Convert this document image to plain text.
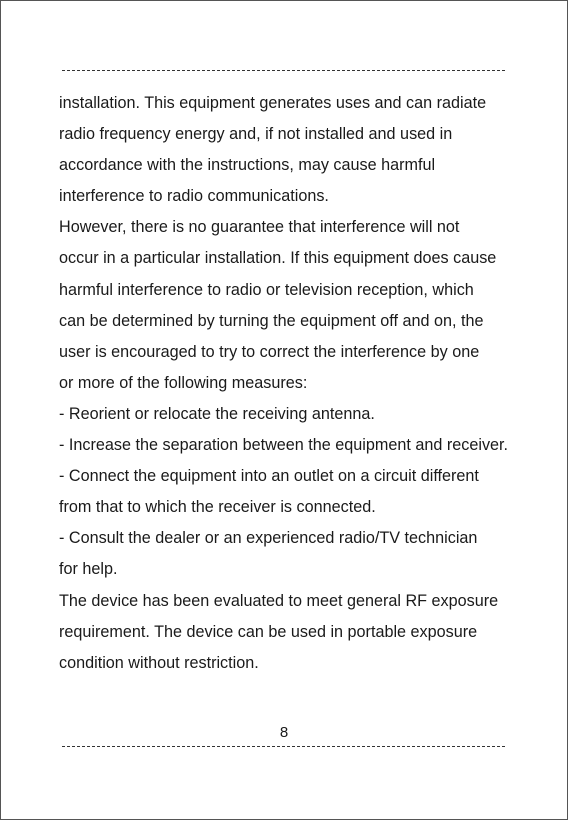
installation. This equipment generates uses and can radiate
radio frequency energy and, if not installed and used in
accordance with the instructions, may cause harmful
interference to radio communications.
However, there is no guarantee that interference will not
occur in a particular installation. If this equipment does cause
harmful interference to radio or television reception, which
can be determined by turning the equipment off and on, the
user is encouraged to try to correct the interference by one
or more of the following measures:
- Reorient or relocate the receiving antenna.
- Increase the separation between the equipment and receiver.
- Connect the equipment into an outlet on a circuit different
from that to which the receiver is connected.
- Consult the dealer or an experienced radio/TV technician
for help.
The device has been evaluated to meet general RF exposure
requirement. The device can be used in portable exposure
condition without restriction.
8
